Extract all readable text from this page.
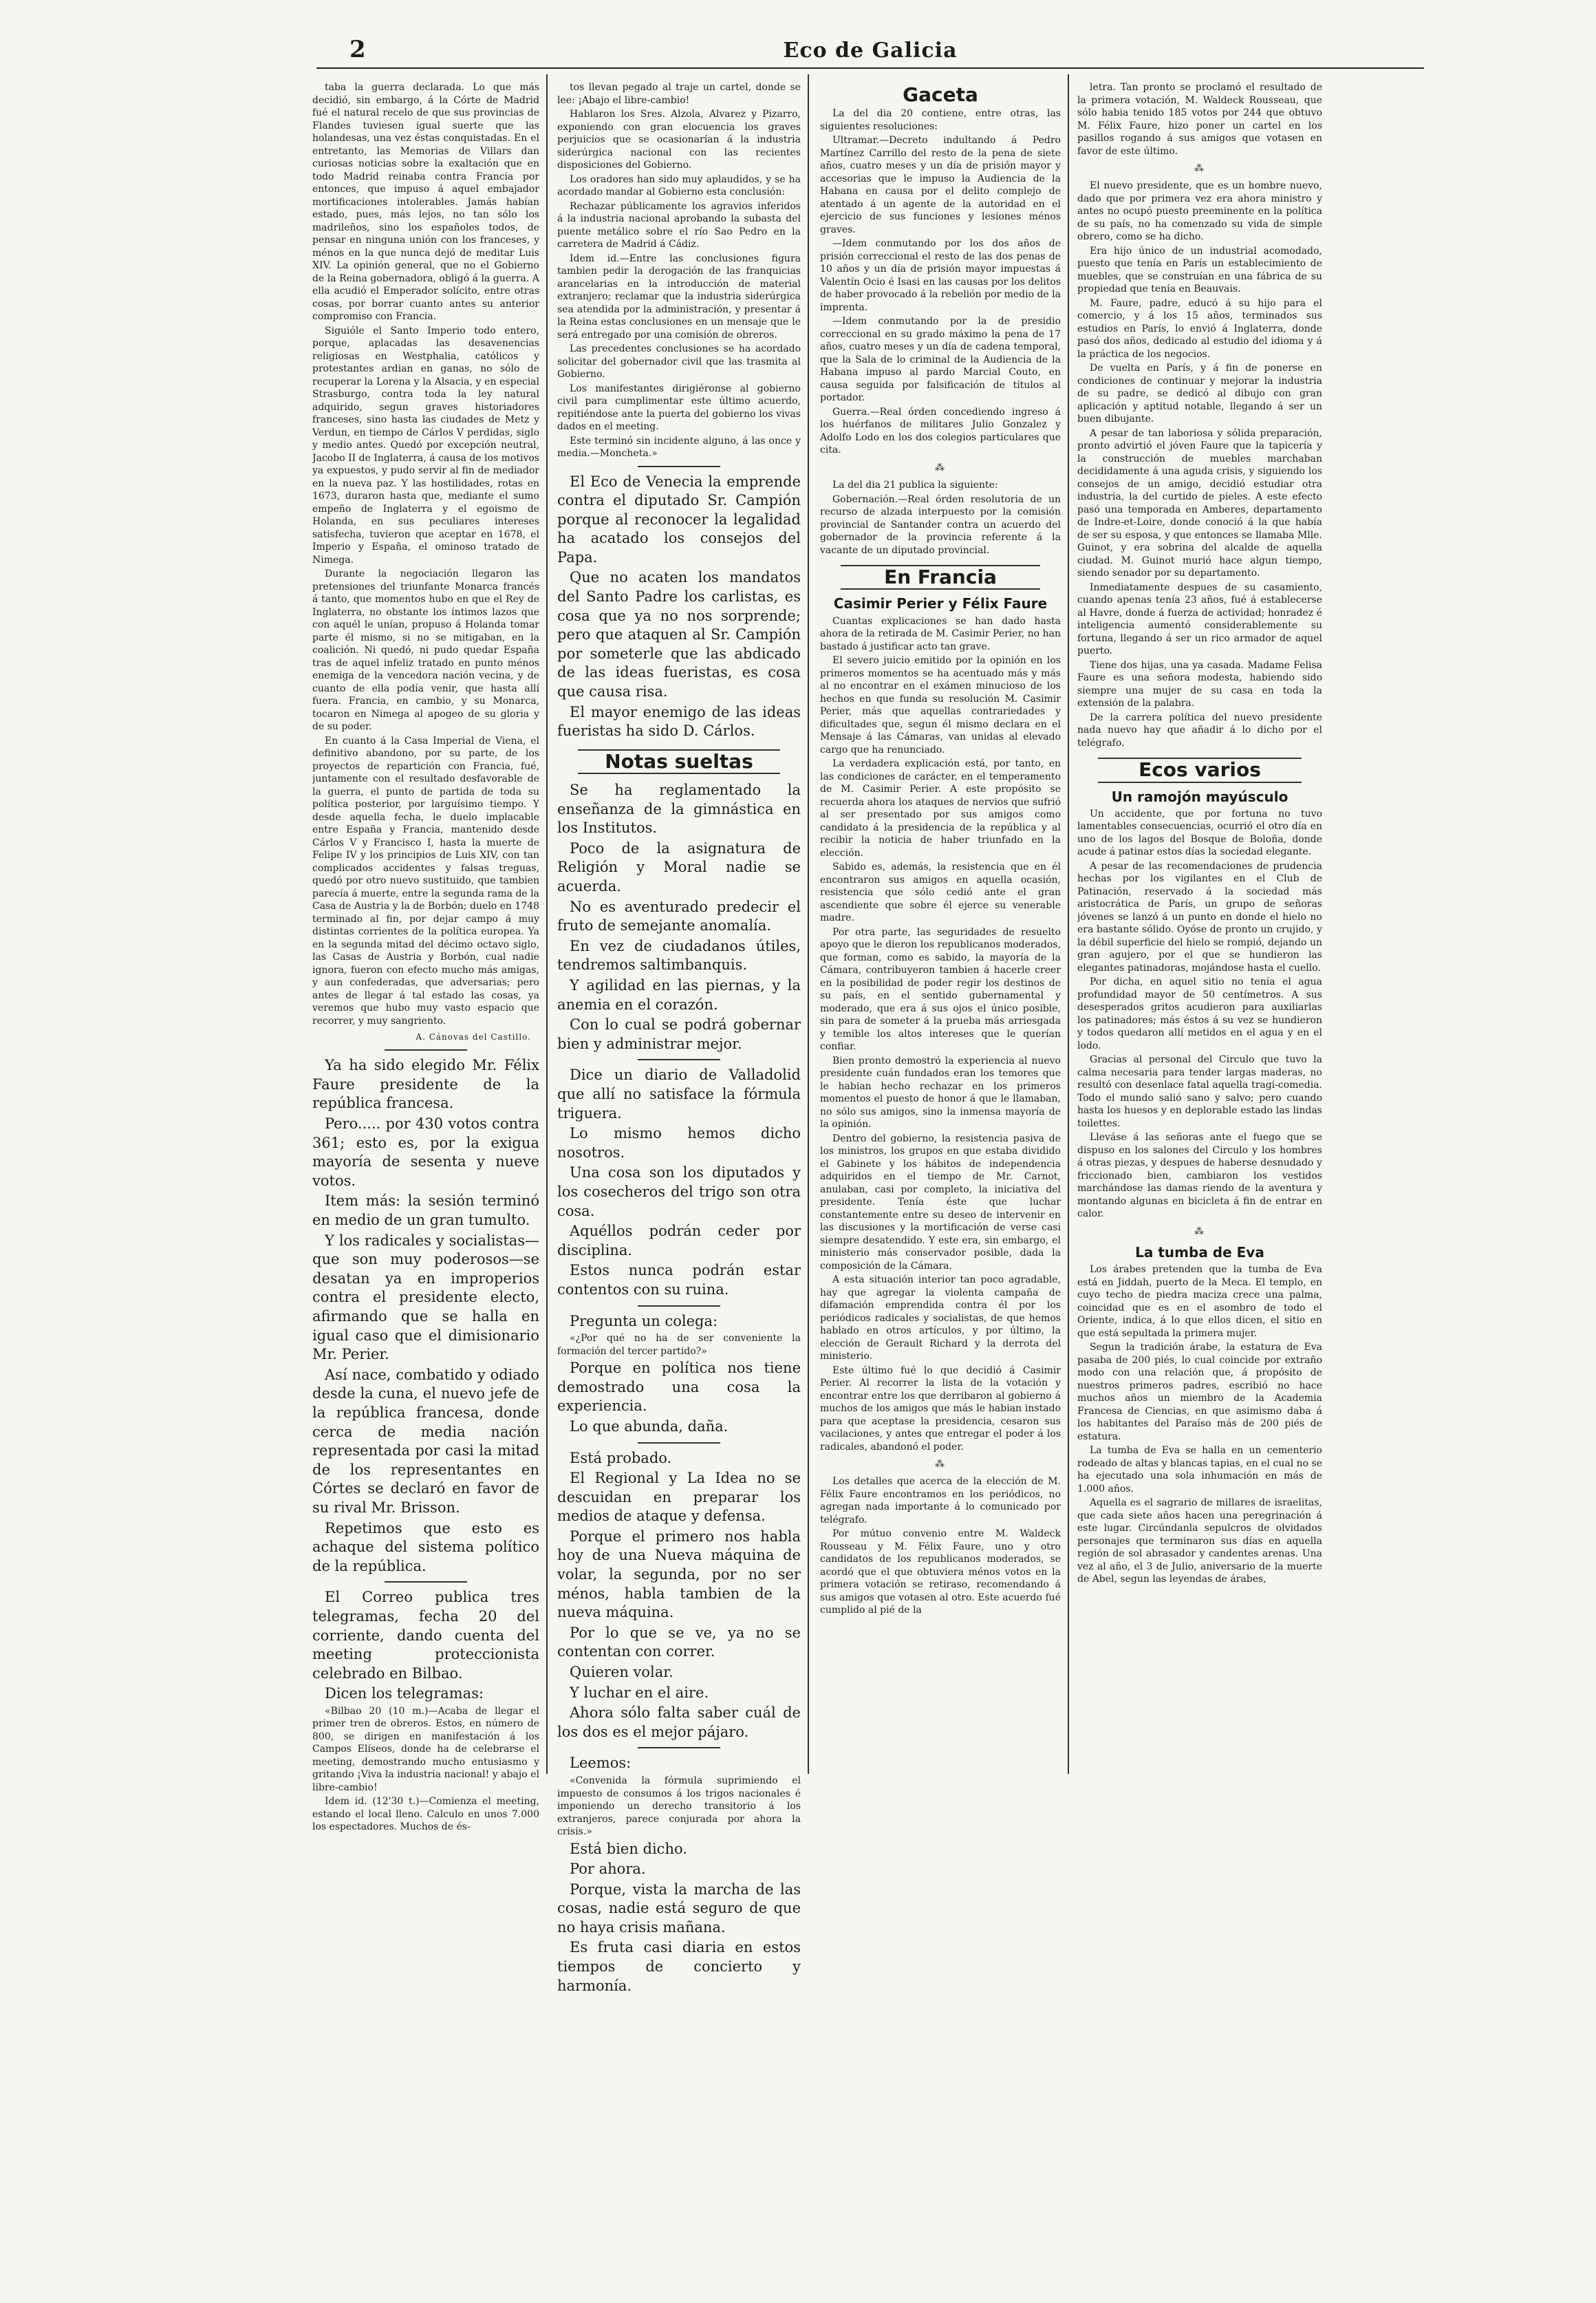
2	Eco de Galicia

taba la guerra declarada. Lo que más decidió, sin embargo, á la Córte de Madrid fué el natural recelo de que sus provincias de Flandes tuviesen igual suerte que las holandesas, una vez éstas conquistadas. En el entretanto, las Memorias de Villars dan curiosas noticias sobre la exaltación que en todo Madrid reinaba contra Francia por entonces, que impuso á aquel embajador mortificaciones intolerables. Jamás habían estado, pues, más lejos, no tan sólo los madrileños, sino los españoles todos, de pensar en ninguna unión con los franceses, y ménos en la que nunca dejó de meditar Luis XIV. La opinión general, que no el Gobierno de la Reina gobernadora, obligó á la guerra. A ella acudió el Emperador solícito, entre otras cosas, por borrar cuanto antes su anterior compromiso con Francia.

Siguióle el Santo Imperio todo entero, porque, aplacadas las desavenencias religiosas en Westphalia, católicos y protestantes ardian en ganas, no sólo de recuperar la Lorena y la Alsacia, y en especial Strasburgo, contra toda la ley natural adquirido, segun graves historiadores franceses, sino hasta las ciudades de Metz y Verdun, en tiempo de Cárlos V perdidas, siglo y medio antes. Quedó por excepción neutral, Jacobo II de Inglaterra, á causa de los motivos ya expuestos, y pudo servir al fin de mediador en la nueva paz. Y las hostilidades, rotas en 1673, duraron hasta que, mediante el sumo empeño de Inglaterra y el egoismo de Holanda, en sus peculiares intereses satisfecha, tuvieron que aceptar en 1678, el Imperio y España, el ominoso tratado de Nimega.

Durante la negociación llegaron las pretensiones del triunfante Monarca francés á tanto, que momentos hubo en que el Rey de Inglaterra, no obstante los íntimos lazos que con aquél le unían, propuso á Holanda tomar parte él mismo, si no se mitigaban, en la coalición. Ni quedó, ni pudo quedar España tras de aquel infeliz tratado en punto ménos enemiga de la vencedora nación vecina, y de cuanto de ella podía venir, que hasta allí fuera. Francia, en cambio, y su Monarca, tocaron en Nimega al apogeo de su gloria y de su poder.

En cuanto á la Casa Imperial de Viena, el definitivo abandono, por su parte, de los proyectos de repartición con Francia, fué, juntamente con el resultado desfavorable de la guerra, el punto de partida de toda su política posterior, por larguísimo tiempo. Y desde aquella fecha, le duelo implacable entre España y Francia, mantenido desde Cárlos V y Francisco I, hasta la muerte de Felipe IV y los principios de Luis XIV, con tan complicados accidentes y falsas treguas, quedó por otro nuevo sustituido, que tambien parecía á muerte, entre la segunda rama de la Casa de Austria y la de Borbón; duelo en 1748 terminado al fin, por dejar campo á muy distintas corrientes de la política europea. Ya en la segunda mitad del décimo octavo siglo, las Casas de Austria y Borbón, cual nadie ignora, fueron con efecto mucho más amigas, y aun confederadas, que adversarias; pero antes de llegar á tal estado las cosas, ya veremos que hubo muy vasto espacio que recorrer, y muy sangriento.

A. Cánovas del Castillo.

Ya ha sido elegido Mr. Félix Faure presidente de la república francesa.

Pero..... por 430 votos contra 361; esto es, por la exigua mayoría de sesenta y nueve votos.

Item más: la sesión terminó en medio de un gran tumulto.

Y los radicales y socialistas—que son muy poderosos—se desatan ya en improperios contra el presidente electo, afirmando que se halla en igual caso que el dimisionario Mr. Perier.

Así nace, combatido y odiado desde la cuna, el nuevo jefe de la república francesa, donde cerca de media nación representada por casi la mitad de los representantes en Córtes se declaró en favor de su rival Mr. Brisson.

Repetimos que esto es achaque del sistema político de la república.

El Correo publica tres telegramas, fecha 20 del corriente, dando cuenta del meeting proteccionista celebrado en Bilbao.

Dicen los telegramas:

«Bilbao 20 (10 m.)—Acaba de llegar el primer tren de obreros. Estos, en número de 800, se dirigen en manifestación á los Campos Elíseos, donde ha de celebrarse el meeting, demostrando mucho entusiasmo y gritando ¡Viva la industria nacional! y abajo el libre-cambio!

Idem id. (12'30 t.)—Comienza el meeting, estando el local lleno. Calculo en unos 7.000 los espectadores. Muchos de és-

tos llevan pegado al traje un cartel, donde se lee: ¡Abajo el libre-cambio!

Hablaron los Sres. Alzola, Alvarez y Pizarro, exponiendo con gran elocuencia los graves perjuicios que se ocasionarían á la industria siderúrgica nacional con las recientes disposiciones del Gobierno.

Los oradores han sido muy aplaudidos, y se ha acordado mandar al Gobierno esta conclusión:

Rechazar públicamente los agravios inferidos á la industria nacional aprobando la subasta del puente metálico sobre el río Sao Pedro en la carretera de Madrid á Cádiz.

Idem id.—Entre las conclusiones figura tambien pedir la derogación de las franquicias arancelarias en la introducción de material extranjero; reclamar que la industria siderúrgica sea atendida por la administración, y presentar á la Reina estas conclusiones en un mensaje que le será entregado por una comisión de obreros.

Las precedentes conclusiones se ha acordado solicitar del gobernador civil que las trasmita al Gobierno.

Los manifestantes dirigiéronse al gobierno civil para cumplimentar este último acuerdo, repitiéndose ante la puerta del gobierno los vivas dados en el meeting.

Este terminó sin incidente alguno, á las once y media.—Moncheta.»

El Eco de Venecia la emprende contra el diputado Sr. Campión porque al reconocer la legalidad ha acatado los consejos del Papa.

Que no acaten los mandatos del Santo Padre los carlistas, es cosa que ya no nos sorprende; pero que ataquen al Sr. Campión por someterle que las abdicado de las ideas fueristas, es cosa que causa risa.

El mayor enemigo de las ideas fueristas ha sido D. Cárlos.

Notas sueltas

Se ha reglamentado la enseñanza de la gimnástica en los Institutos.

Poco de la asignatura de Religión y Moral nadie se acuerda.

No es aventurado predecir el fruto de semejante anomalía.

En vez de ciudadanos útiles, tendremos saltimbanquis.

Y agilidad en las piernas, y la anemia en el corazón.

Con lo cual se podrá gobernar bien y administrar mejor.

Dice un diario de Valladolid que allí no satisface la fórmula triguera.

Lo mismo hemos dicho nosotros.

Una cosa son los diputados y los cosecheros del trigo son otra cosa.

Aquéllos podrán ceder por disciplina.

Estos nunca podrán estar contentos con su ruina.

Pregunta un colega:

«¿Por qué no ha de ser conveniente la formación del tercer partido?»

Porque en política nos tiene demostrado una cosa la experiencia.

Lo que abunda, daña.

Está probado.

El Regional y La Idea no se descuidan en preparar los medios de ataque y defensa.

Porque el primero nos habla hoy de una Nueva máquina de volar, la segunda, por no ser ménos, habla tambien de la nueva máquina.

Por lo que se ve, ya no se contentan con correr.

Quieren volar.

Y luchar en el aire.

Ahora sólo falta saber cuál de los dos es el mejor pájaro.

Leemos:

«Convenida la fórmula suprimiendo el impuesto de consumos á los trigos nacionales é imponiendo un derecho transitorio á los extranjeros, parece conjurada por ahora la crisis.»

Está bien dicho.

Por ahora.

Porque, vista la marcha de las cosas, nadie está seguro de que no haya crisis mañana.

Es fruta casi diaria en estos tiempos de concierto y harmonía.

Gaceta

La del dia 20 contiene, entre otras, las siguientes resoluciones:

Ultramar.—Decreto indultando á Pedro Martínez Carrillo del resto de la pena de siete años, cuatro meses y un día de prisión mayor y accesorias que le impuso la Audiencia de la Habana en causa por el delito complejo de atentado á un agente de la autoridad en el ejercicio de sus funciones y lesiones ménos graves.

—Idem conmutando por los dos años de prisión correccional el resto de las dos penas de 10 años y un día de prisión mayor impuestas á Valentín Ocio é Isasi en las causas por los delitos de haber provocado á la rebelión por medio de la imprenta.

—Idem conmutando por la de presidio correccional en su grado máximo la pena de 17 años, cuatro meses y un día de cadena temporal, que la Sala de lo criminal de la Audiencia de la Habana impuso al pardo Marcial Couto, en causa seguida por falsificación de títulos al portador.

Guerra.—Real órden concediendo ingreso á los huérfanos de militares Julio Gonzalez y Adolfo Lodo en los dos colegios particulares que cita.

⁂

La del dia 21 publica la siguiente:

Gobernación.—Real órden resolutoria de un recurso de alzada interpuesto por la comisión provincial de Santander contra un acuerdo del gobernador de la provincia referente á la vacante de un diputado provincial.

En Francia
Casimir Perier y Félix Faure

Cuantas explicaciones se han dado hasta ahora de la retirada de M. Casimir Perier, no han bastado á justificar acto tan grave.

El severo juicio emitido por la opinión en los primeros momentos se ha acentuado más y más al no encontrar en el exámen minucioso de los hechos en que funda su resolución M. Casimir Perier, más que aquellas contrariedades y dificultades que, segun él mismo declara en el Mensaje á las Cámaras, van unidas al elevado cargo que ha renunciado.

La verdadera explicación está, por tanto, en las condiciones de carácter, en el temperamento de M. Casimir Perier. A este propósito se recuerda ahora los ataques de nervios que sufrió al ser presentado por sus amigos como candidato á la presidencia de la república y al recibir la noticia de haber triunfado en la elección.

Sabido es, además, la resistencia que en él encontraron sus amigos en aquella ocasión, resistencia que sólo cedió ante el gran ascendiente que sobre él ejerce su venerable madre.

Por otra parte, las seguridades de resuelto apoyo que le dieron los republicanos moderados, que forman, como es sabido, la mayoría de la Cámara, contribuyeron tambien á hacerle creer en la posibilidad de poder regir los destinos de su país, en el sentido gubernamental y moderado, que era á sus ojos el único posible, sin para de someter á la prueba más arriesgada y temible los altos intereses que le querían confiar.

Bien pronto demostró la experiencia al nuevo presidente cuán fundados eran los temores que le habian hecho rechazar en los primeros momentos el puesto de honor á que le llamaban, no sólo sus amigos, sino la inmensa mayoría de la opinión.

Dentro del gobierno, la resistencia pasiva de los ministros, los grupos en que estaba dividido el Gabinete y los hábitos de independencia adquiridos en el tiempo de Mr. Carnot, anulaban, casi por completo, la iniciativa del presidente. Tenía éste que luchar constantemente entre su deseo de intervenir en las discusiones y la mortificación de verse casi siempre desatendido. Y este era, sin embargo, el ministerio más conservador posible, dada la composición de la Cámara.

A esta situación interior tan poco agradable, hay que agregar la violenta campaña de difamación emprendida contra él por los periódicos radicales y socialistas, de que hemos hablado en otros artículos, y por último, la elección de Gerault Richard y la derrota del ministerio.

Este último fué lo que decidió á Casimir Perier. Al recorrer la lista de la votación y encontrar entre los que derribaron al gobierno á muchos de los amigos que más le habian instado para que aceptase la presidencia, cesaron sus vacilaciones, y antes que entregar el poder á los radicales, abandonó el poder.

⁂

Los detalles que acerca de la elección de M. Félix Faure encontramos en los periódicos, no agregan nada importante á lo comunicado por telégrafo.

Por mútuo convenio entre M. Waldeck Rousseau y M. Félix Faure, uno y otro candidatos de los republicanos moderados, se acordó que el que obtuviera ménos votos en la primera votación se retiraso, recomendando á sus amigos que votasen al otro. Este acuerdo fué cumplido al pié de la

letra. Tan pronto se proclamó el resultado de la primera votación, M. Waldeck Rousseau, que sólo habia tenido 185 votos por 244 que obtuvo M. Félix Faure, hizo poner un cartel en los pasillos rogando á sus amigos que votasen en favor de este último.

⁂

El nuevo presidente, que es un hombre nuevo, dado que por primera vez era ahora ministro y antes no ocupó puesto preeminente en la política de su país, no ha comenzado su vida de simple obrero, como se ha dicho.

Era hijo único de un industrial acomodado, puesto que tenía en París un establecimiento de muebles, que se construían en una fábrica de su propiedad que tenía en Beauvais.

M. Faure, padre, educó á su hijo para el comercio, y á los 15 años, terminados sus estudios en París, lo envió á Inglaterra, donde pasó dos años, dedicado al estudio del idioma y á la práctica de los negocios.

De vuelta en París, y á fin de ponerse en condiciones de continuar y mejorar la industria de su padre, se dedicó al dibujo con gran aplicación y aptitud notable, llegando á ser un buen dibujante.

A pesar de tan laboriosa y sólida preparación, pronto advirtió el jóven Faure que la tapicería y la construcción de muebles marchaban decididamente á una aguda crisis, y siguiendo los consejos de un amigo, decidió estudiar otra industria, la del curtido de pieles. A este efecto pasó una temporada en Amberes, departamento de Indre-et-Loire, donde conoció á la que había de ser su esposa, y que entonces se llamaba Mlle. Guinot, y era sobrina del alcalde de aquella ciudad. M. Guinot murió hace algun tiempo, siendo senador por su departamento.

Inmediatamente despues de su casamiento, cuando apenas tenía 23 años, fué á establecerse al Havre, donde á fuerza de actividad; honradez é inteligencia aumentó considerablemente su fortuna, llegando á ser un rico armador de aquel puerto.

Tiene dos hijas, una ya casada. Madame Felisa Faure es una señora modesta, habiendo sido siempre una mujer de su casa en toda la extensión de la palabra.

De la carrera política del nuevo presidente nada nuevo hay que añadir á lo dicho por el telégrafo.

Ecos varios
Un ramojón mayúsculo

Un accidente, que por fortuna no tuvo lamentables consecuencias, ocurrió el otro día en uno de los lagos del Bosque de Boloña, donde acude á patinar estos días la sociedad elegante.

A pesar de las recomendaciones de prudencia hechas por los vigilantes en el Club de Patinación, reservado á la sociedad más aristocrática de París, un grupo de señoras jóvenes se lanzó á un punto en donde el hielo no era bastante sólido. Oyóse de pronto un crujido, y la débil superficie del hielo se rompió, dejando un gran agujero, por el que se hundieron las elegantes patinadoras, mojándose hasta el cuello.

Por dicha, en aquel sitio no tenía el agua profundidad mayor de 50 centímetros. A sus desesperados gritos acudieron para auxiliarlas los patinadores; más éstos á su vez se hundieron y todos quedaron allí metidos en el agua y en el lodo.

Gracias al personal del Circulo que tuvo la calma necesaria para tender largas maderas, no resultó con desenlace fatal aquella tragi-comedia. Todo el mundo salió sano y salvo; pero cuando hasta los huesos y en deplorable estado las lindas toilettes.

Lleváse á las señoras ante el fuego que se dispuso en los salones del Circulo y los hombres á otras piezas, y despues de haberse desnudado y friccionado bien, cambiaron los vestidos marchándose las damas riendo de la aventura y montando algunas en bicicleta á fin de entrar en calor.

⁂
La tumba de Eva

Los árabes pretenden que la tumba de Eva está en Jiddah, puerto de la Meca. El templo, en cuyo techo de piedra maciza crece una palma, coincidad que es en el asombro de todo el Oriente, indica, á lo que ellos dicen, el sitio en que está sepultada la primera mujer.

Segun la tradición árabe, la estatura de Eva pasaba de 200 piés, lo cual coincide por extraño modo con una relación que, á propósito de nuestros primeros padres, escribió no hace muchos años un miembro de la Academia Francesa de Ciencias, en que asimismo daba á los habitantes del Paraíso más de 200 piés de estatura.

La tumba de Eva se halla en un cementerio rodeado de altas y blancas tapias, en el cual no se ha ejecutado una sola inhumación en más de 1.000 años.

Aquella es el sagrario de millares de israelitas, que cada siete años hacen una peregrinación á este lugar. Circúndanla sepulcros de olvidados personajes que terminaron sus días en aquella región de sol abrasador y candentes arenas. Una vez al año, el 3 de Julio, aniversario de la muerte de Abel, segun las leyendas de árabes,
